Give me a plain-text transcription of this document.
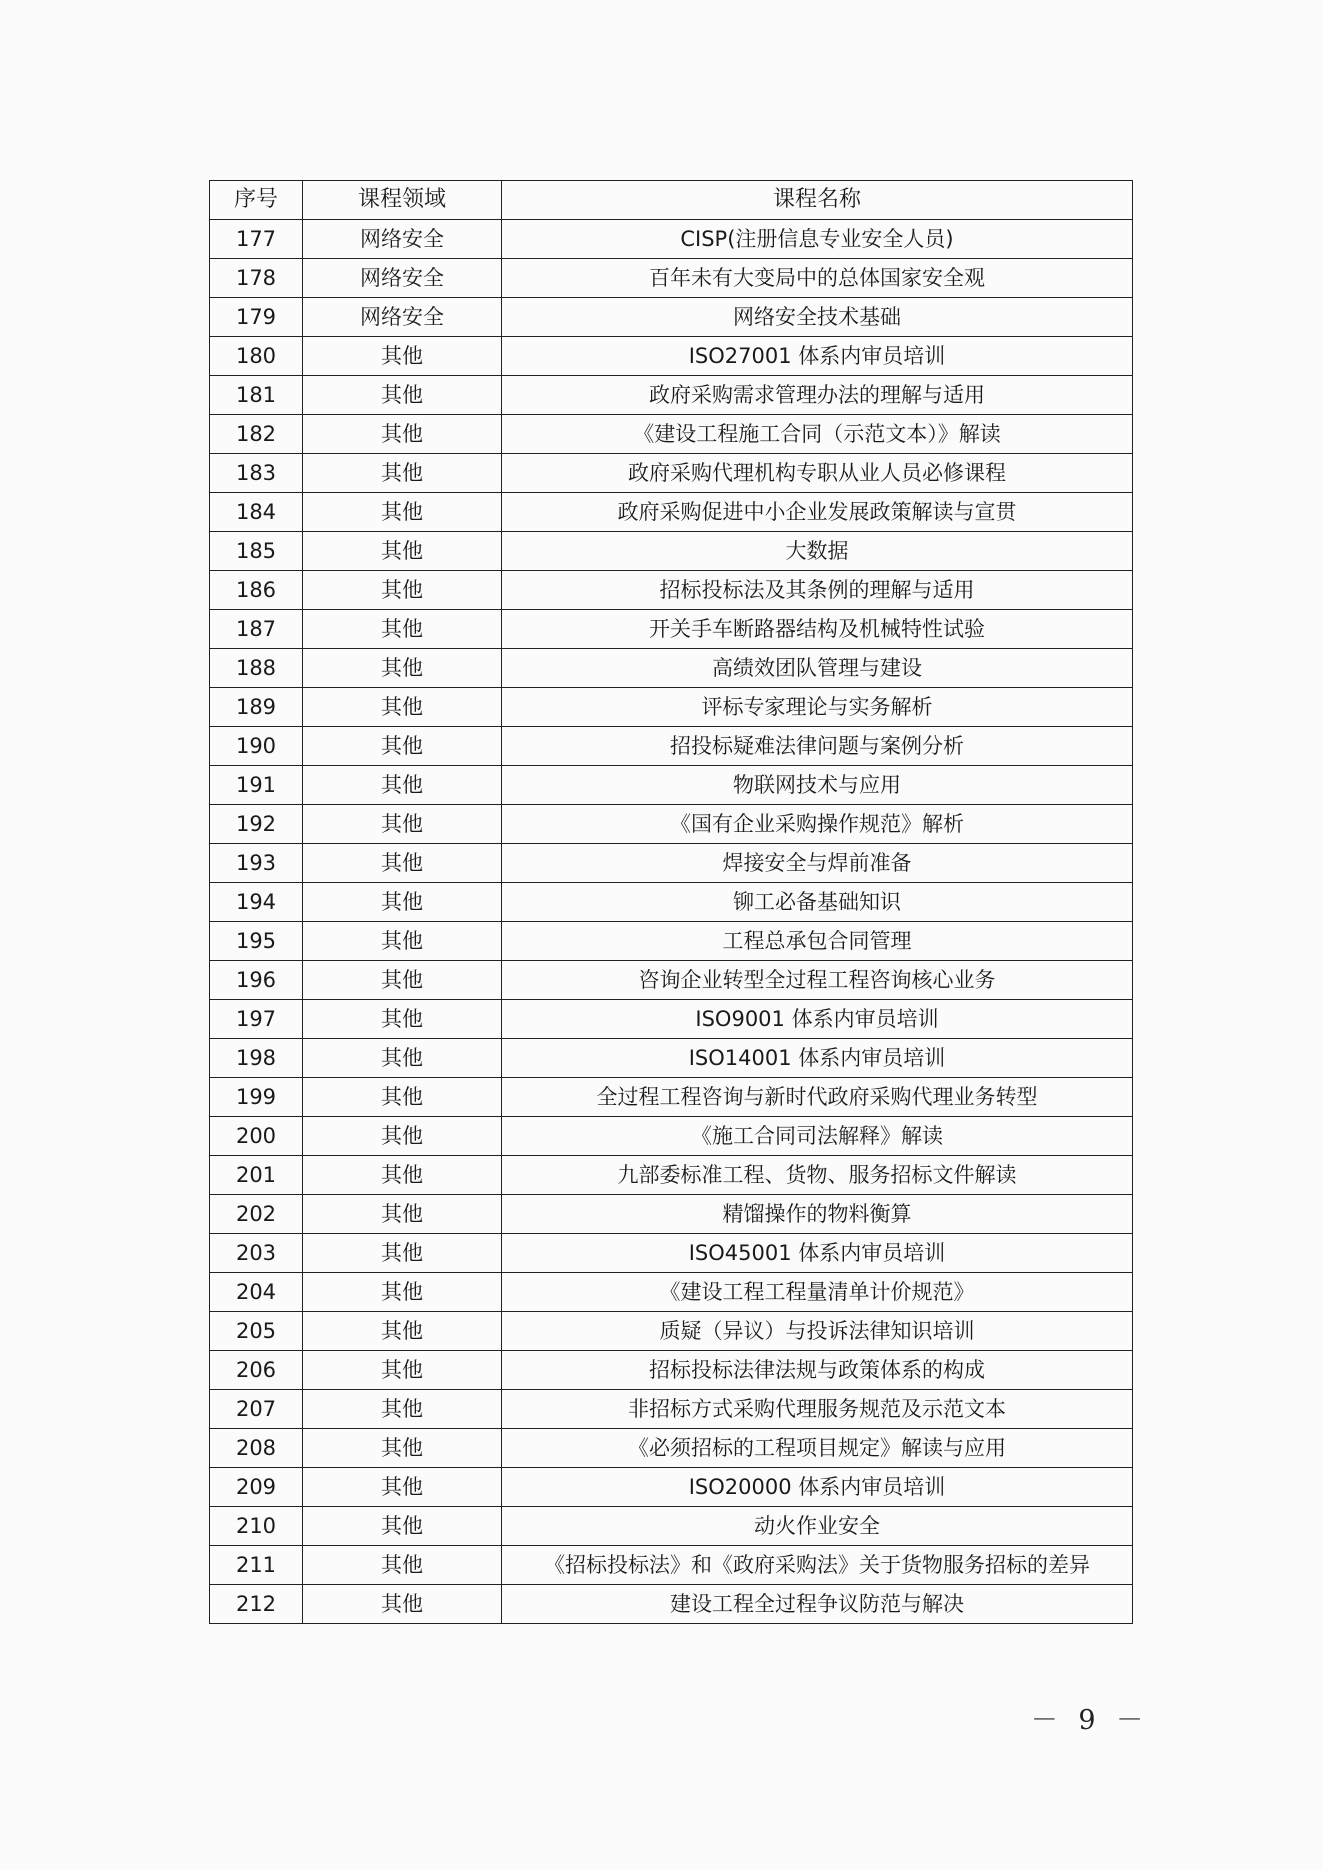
序号	课程领域	课程名称
177	网络安全	CISP(注册信息专业安全人员)
178	网络安全	百年未有大变局中的总体国家安全观
179	网络安全	网络安全技术基础
180	其他	ISO27001 体系内审员培训
181	其他	政府采购需求管理办法的理解与适用
182	其他	《建设工程施工合同（示范文本）》解读
183	其他	政府采购代理机构专职从业人员必修课程
184	其他	政府采购促进中小企业发展政策解读与宣贯
185	其他	大数据
186	其他	招标投标法及其条例的理解与适用
187	其他	开关手车断路器结构及机械特性试验
188	其他	高绩效团队管理与建设
189	其他	评标专家理论与实务解析
190	其他	招投标疑难法律问题与案例分析
191	其他	物联网技术与应用
192	其他	《国有企业采购操作规范》解析
193	其他	焊接安全与焊前准备
194	其他	铆工必备基础知识
195	其他	工程总承包合同管理
196	其他	咨询企业转型全过程工程咨询核心业务
197	其他	ISO9001 体系内审员培训
198	其他	ISO14001 体系内审员培训
199	其他	全过程工程咨询与新时代政府采购代理业务转型
200	其他	《施工合同司法解释》解读
201	其他	九部委标准工程、货物、服务招标文件解读
202	其他	精馏操作的物料衡算
203	其他	ISO45001 体系内审员培训
204	其他	《建设工程工程量清单计价规范》
205	其他	质疑（异议）与投诉法律知识培训
206	其他	招标投标法律法规与政策体系的构成
207	其他	非招标方式采购代理服务规范及示范文本
208	其他	《必须招标的工程项目规定》解读与应用
209	其他	ISO20000 体系内审员培训
210	其他	动火作业安全
211	其他	《招标投标法》和《政府采购法》关于货物服务招标的差异
212	其他	建设工程全过程争议防范与解决
－ 9 －
